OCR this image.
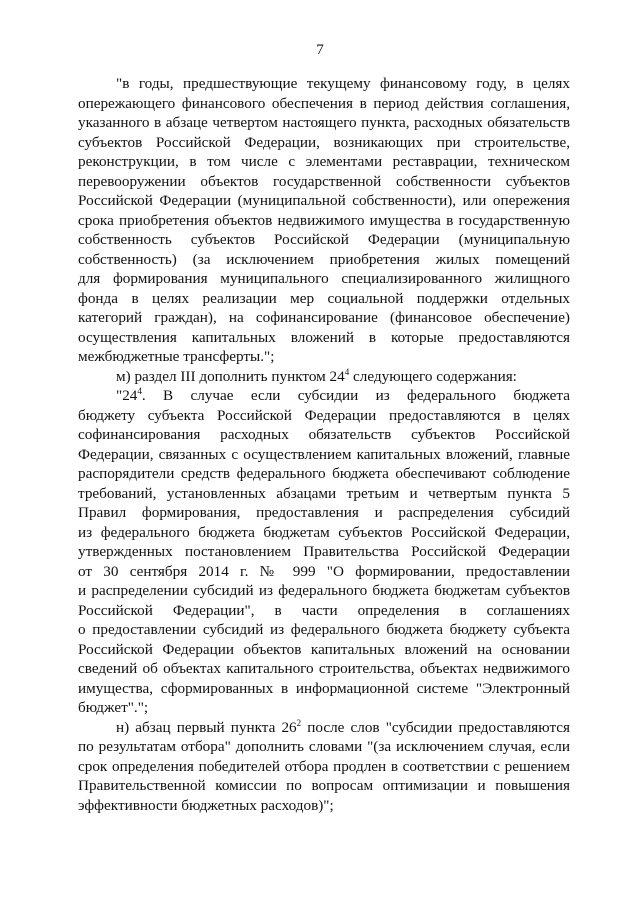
7
"в годы, предшествующие текущему финансовому году, в целях
опережающего финансового обеспечения в период действия соглашения,
указанного в абзаце четвертом настоящего пункта, расходных обязательств
субъектов Российской Федерации, возникающих при строительстве,
реконструкции, в том числе с элементами реставрации, техническом
перевооружении объектов государственной собственности субъектов
Российской Федерации (муниципальной собственности), или опережения
срока приобретения объектов недвижимого имущества в государственную
собственность субъектов Российской Федерации (муниципальную
собственность) (за исключением приобретения жилых помещений
для формирования муниципального специализированного жилищного
фонда в целях реализации мер социальной поддержки отдельных
категорий граждан), на софинансирование (финансовое обеспечение)
осуществления капитальных вложений в которые предоставляются
межбюджетные трансферты.";
м) раздел III дополнить пунктом $24^4$ следующего содержания:
"$24^4$. В случае если субсидии из федерального бюджета
бюджету субъекта Российской Федерации предоставляются в целях
софинансирования расходных обязательств субъектов Российской
Федерации, связанных с осуществлением капитальных вложений, главные
распорядители средств федерального бюджета обеспечивают соблюдение
требований, установленных абзацами третьим и четвертым пункта 5
Правил формирования, предоставления и распределения субсидий
из федерального бюджета бюджетам субъектов Российской Федерации,
утвержденных постановлением Правительства Российской Федерации
от 30 сентября 2014 г. № 999 "О формировании, предоставлении
и распределении субсидий из федерального бюджета бюджетам субъектов
Российской Федерации", в части определения в соглашениях
о предоставлении субсидий из федерального бюджета бюджету субъекта
Российской Федерации объектов капитальных вложений на основании
сведений об объектах капитального строительства, объектах недвижимого
имущества, сформированных в информационной системе "Электронный
бюджет".";
н) абзац первый пункта $26^2$ после слов "субсидии предоставляются
по результатам отбора" дополнить словами "(за исключением случая, если
срок определения победителей отбора продлен в соответствии с решением
Правительственной комиссии по вопросам оптимизации и повышения
эффективности бюджетных расходов)";
